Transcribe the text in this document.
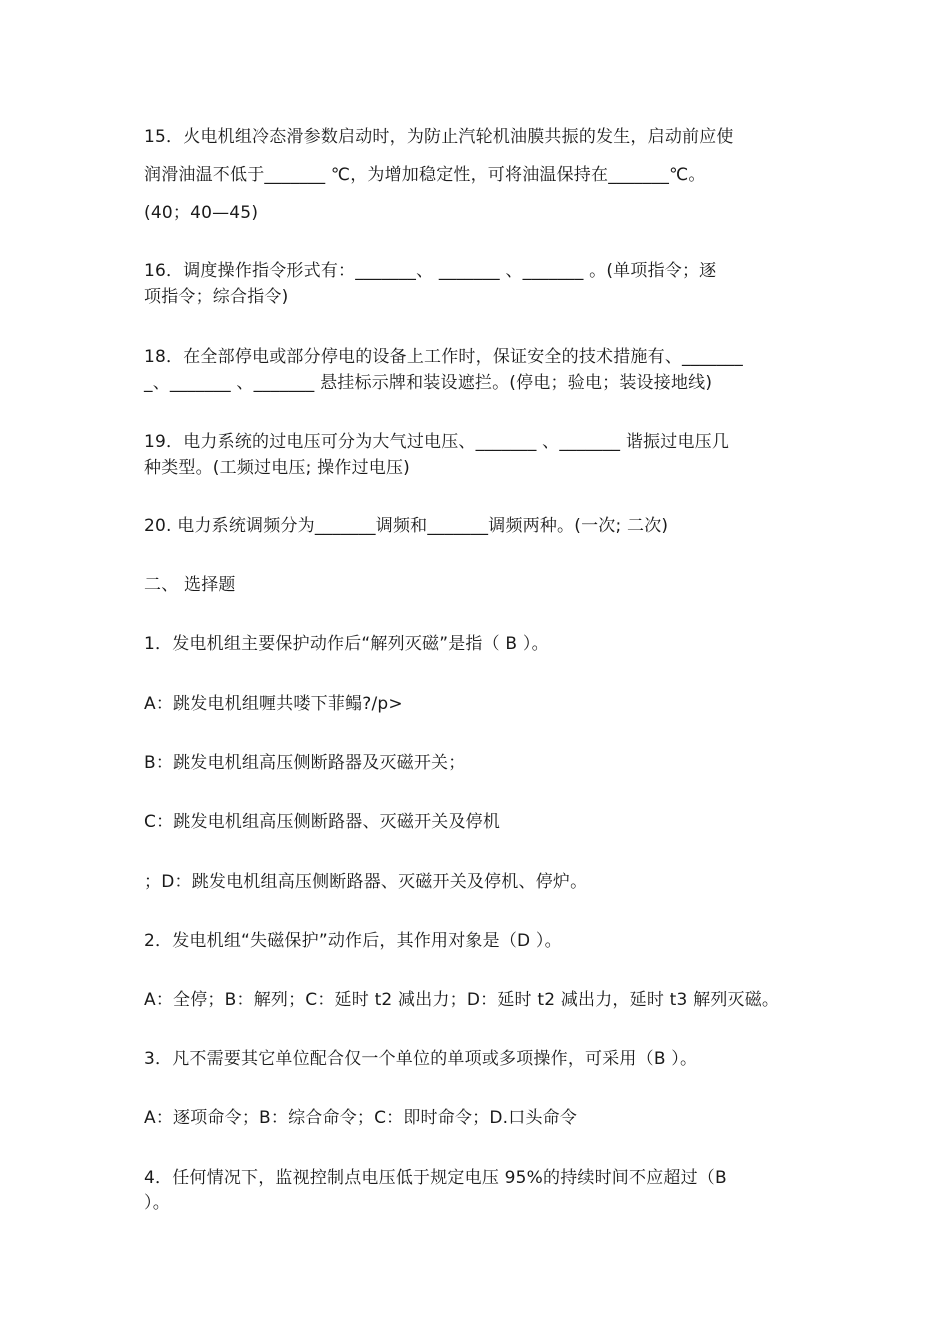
15．火电机组冷态滑参数启动时，为防止汽轮机油膜共振的发生，启动前应使
润滑油温不低于_______ ℃，为增加稳定性，可将油温保持在_______℃。
(40；40—45)
16．调度操作指令形式有：_______、 _______ 、_______ 。(单项指令；逐
项指令；综合指令)
18．在全部停电或部分停电的设备上工作时，保证安全的技术措施有、_______
_、_______ 、_______ 悬挂标示牌和装设遮拦。(停电；验电；装设接地线)
19．电力系统的过电压可分为大气过电压、_______ 、_______ 谐振过电压几
种类型。(工频过电压; 操作过电压)
20. 电力系统调频分为_______调频和_______调频两种。(一次; 二次)
二、 选择题
1．发电机组主要保护动作后“解列灭磁”是指（ B ）。
A：跳发电机组喱共喽下菲鳎?/p>
B：跳发电机组高压侧断路器及灭磁开关；
C：跳发电机组高压侧断路器、灭磁开关及停机
；D：跳发电机组高压侧断路器、灭磁开关及停机、停炉。
2．发电机组“失磁保护”动作后，其作用对象是（D ）。
A：全停；B：解列；C：延时 t2 减出力；D：延时 t2 减出力，延时 t3 解列灭磁。
3．凡不需要其它单位配合仅一个单位的单项或多项操作，可采用（B ）。
A：逐项命令；B：综合命令；C：即时命令；D.口头命令
4．任何情况下，监视控制点电压低于规定电压 95%的持续时间不应超过（B
）。
